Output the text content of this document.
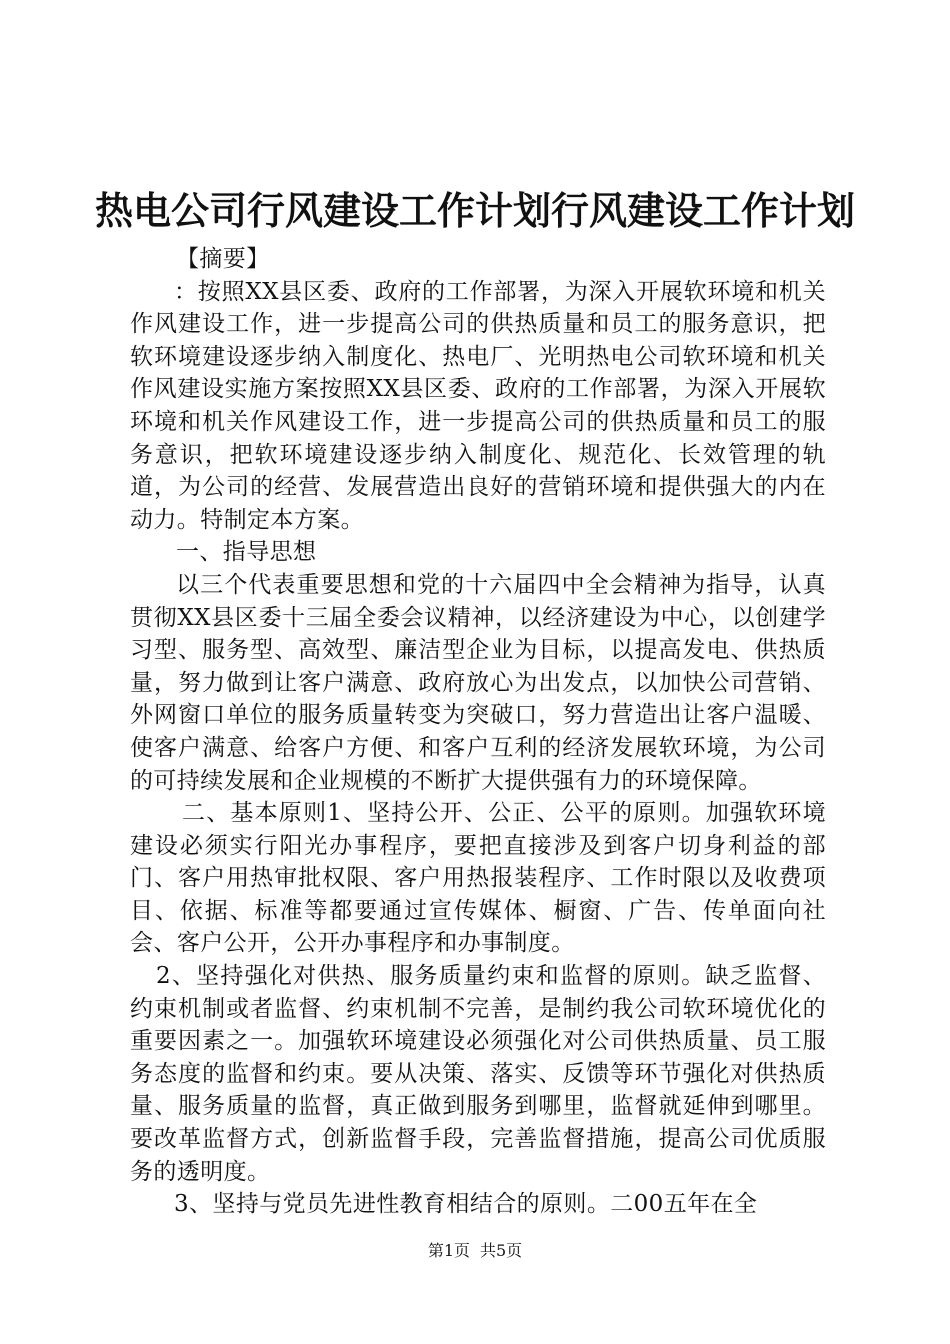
热电公司行风建设工作计划行风建设工作计划

【摘要】

：按照XX县区委、政府的工作部署，为深入开展软环境和机关作风建设工作，进一步提高公司的供热质量和员工的服务意识，把软环境建设逐步纳入制度化、热电厂、光明热电公司软环境和机关作风建设实施方案按照XX县区委、政府的工作部署，为深入开展软环境和机关作风建设工作，进一步提高公司的供热质量和员工的服务意识，把软环境建设逐步纳入制度化、规范化、长效管理的轨道，为公司的经营、发展营造出良好的营销环境和提供强大的内在动力。特制定本方案。

一、指导思想

以三个代表重要思想和党的十六届四中全会精神为指导，认真贯彻XX县区委十三届全委会议精神，以经济建设为中心，以创建学习型、服务型、高效型、廉洁型企业为目标，以提高发电、供热质量，努力做到让客户满意、政府放心为出发点，以加快公司营销、外网窗口单位的服务质量转变为突破口，努力营造出让客户温暖、使客户满意、给客户方便、和客户互利的经济发展软环境，为公司的可持续发展和企业规模的不断扩大提供强有力的环境保障。

二、基本原则1、坚持公开、公正、公平的原则。加强软环境建设必须实行阳光办事程序，要把直接涉及到客户切身利益的部门、客户用热审批权限、客户用热报装程序、工作时限以及收费项目、依据、标准等都要通过宣传媒体、橱窗、广告、传单面向社会、客户公开，公开办事程序和办事制度。

2、坚持强化对供热、服务质量约束和监督的原则。缺乏监督、约束机制或者监督、约束机制不完善，是制约我公司软环境优化的重要因素之一。加强软环境建设必须强化对公司供热质量、员工服务态度的监督和约束。要从决策、落实、反馈等环节强化对供热质量、服务质量的监督，真正做到服务到哪里，监督就延伸到哪里。要改革监督方式，创新监督手段，完善监督措施，提高公司优质服务的透明度。

3、坚持与党员先进性教育相结合的原则。二00五年在全

第1页 共5页
